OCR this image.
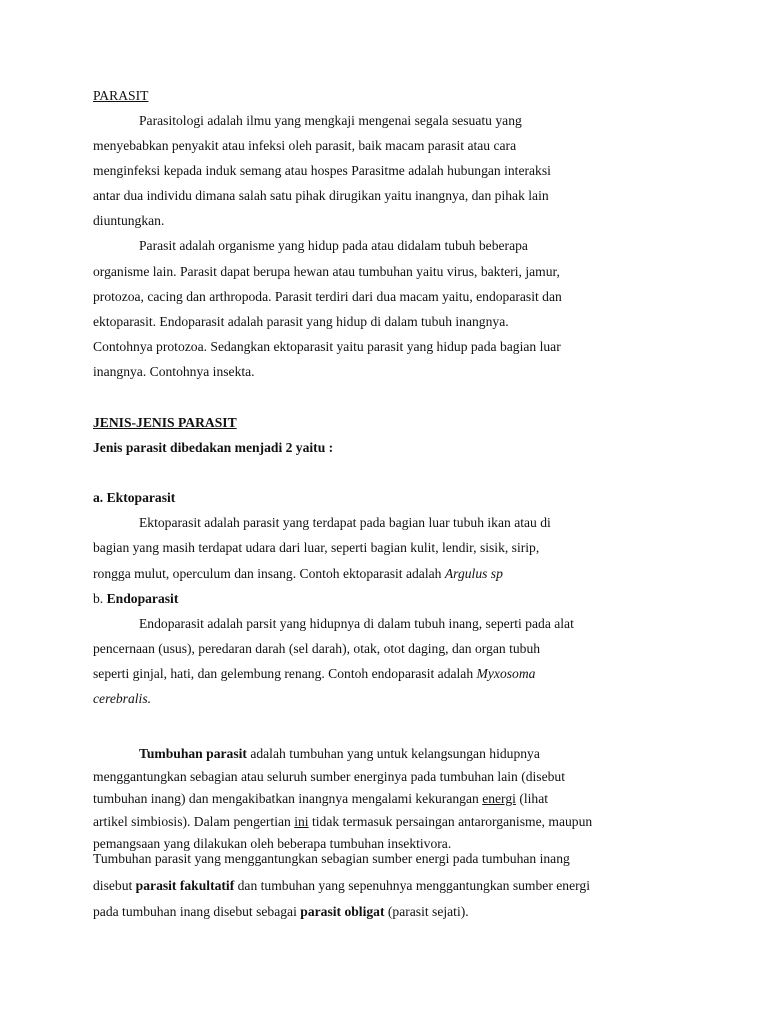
PARASIT
Parasitologi adalah ilmu yang mengkaji mengenai segala sesuatu yang
menyebabkan penyakit atau infeksi oleh parasit, baik macam parasit atau cara
menginfeksi kepada induk semang atau hospes Parasitme adalah hubungan interaksi
antar dua individu dimana salah satu pihak dirugikan yaitu inangnya, dan pihak lain
diuntungkan.
Parasit adalah organisme yang hidup pada atau didalam tubuh beberapa
organisme lain. Parasit dapat berupa hewan atau tumbuhan yaitu virus, bakteri, jamur,
protozoa, cacing dan arthropoda. Parasit terdiri dari dua macam yaitu, endoparasit dan
ektoparasit. Endoparasit adalah parasit yang hidup di dalam tubuh inangnya.
Contohnya protozoa. Sedangkan ektoparasit yaitu parasit yang hidup pada bagian luar
inangnya. Contohnya insekta.
JENIS-JENIS PARASIT
Jenis parasit dibedakan menjadi 2 yaitu :
a. Ektoparasit
Ektoparasit adalah parasit yang terdapat pada bagian luar tubuh ikan atau di
bagian yang masih terdapat udara dari luar, seperti bagian kulit, lendir, sisik, sirip,
rongga mulut, operculum dan insang. Contoh ektoparasit adalah Argulus sp
b. Endoparasit
Endoparasit adalah parsit yang hidupnya di dalam tubuh inang, seperti pada alat
pencernaan (usus), peredaran darah (sel darah), otak, otot daging, dan organ tubuh
seperti ginjal, hati, dan gelembung renang. Contoh endoparasit adalah Myxosoma
cerebralis.
Tumbuhan parasit adalah tumbuhan yang untuk kelangsungan hidupnya
menggantungkan sebagian atau seluruh sumber energinya pada tumbuhan lain (disebut
tumbuhan inang) dan mengakibatkan inangnya mengalami kekurangan energi (lihat
artikel simbiosis). Dalam pengertian ini tidak termasuk persaingan antarorganisme, maupun
pemangsaan yang dilakukan oleh beberapa tumbuhan insektivora.
Tumbuhan parasit yang menggantungkan sebagian sumber energi pada tumbuhan inang
disebut parasit fakultatif dan tumbuhan yang sepenuhnya menggantungkan sumber energi
pada tumbuhan inang disebut sebagai parasit obligat (parasit sejati).
